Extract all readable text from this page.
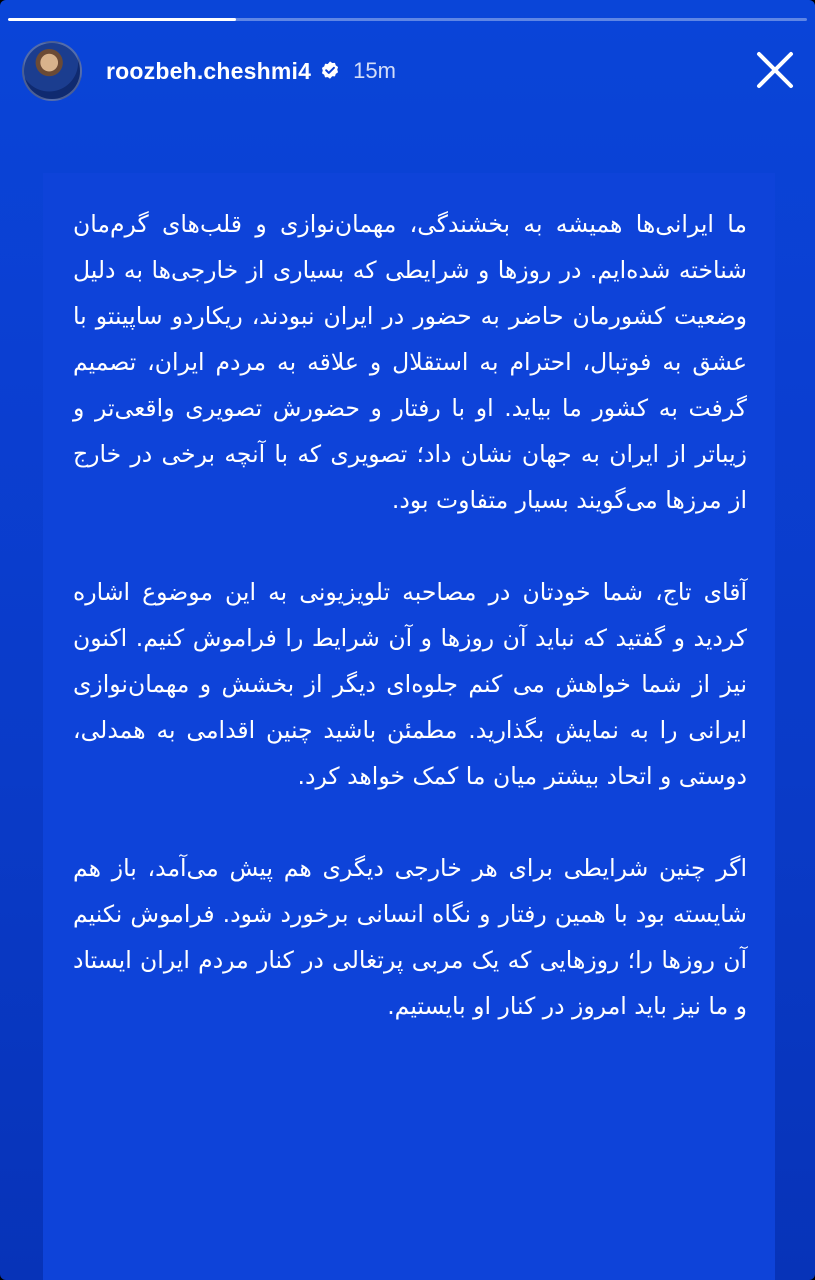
roozbeh.cheshmi4 15m

ما ایرانی‌ها همیشه به بخشندگی، مهمان‌نوازی و قلب‌های گرم‌مان شناخته شده‌ایم. در روزها و شرایطی که بسیاری از خارجی‌ها به دلیل وضعیت کشورمان حاضر به حضور در ایران نبودند، ریکاردو ساپینتو با عشق به فوتبال، احترام به استقلال و علاقه به مردم ایران، تصمیم گرفت به کشور ما بیاید. او با رفتار و حضورش تصویری واقعی‌تر و زیباتر از ایران به جهان نشان داد؛ تصویری که با آنچه برخی در خارج از مرزها می‌گویند بسیار متفاوت بود.

آقای تاج، شما خودتان در مصاحبه تلویزیونی به این موضوع اشاره کردید و گفتید که نباید آن روزها و آن شرایط را فراموش کنیم. اکنون نیز از شما خواهش می کنم جلوه‌ای دیگر از بخشش و مهمان‌نوازی ایرانی را به نمایش بگذارید. مطمئن باشید چنین اقدامی به همدلی، دوستی و اتحاد بیشتر میان ما کمک خواهد کرد.

اگر چنین شرایطی برای هر خارجی دیگری هم پیش می‌آمد، باز هم شایسته بود با همین رفتار و نگاه انسانی برخورد شود. فراموش نکنیم آن روزها را؛ روزهایی که یک مربی پرتغالی در کنار مردم ایران ایستاد و ما نیز باید امروز در کنار او بایستیم.
